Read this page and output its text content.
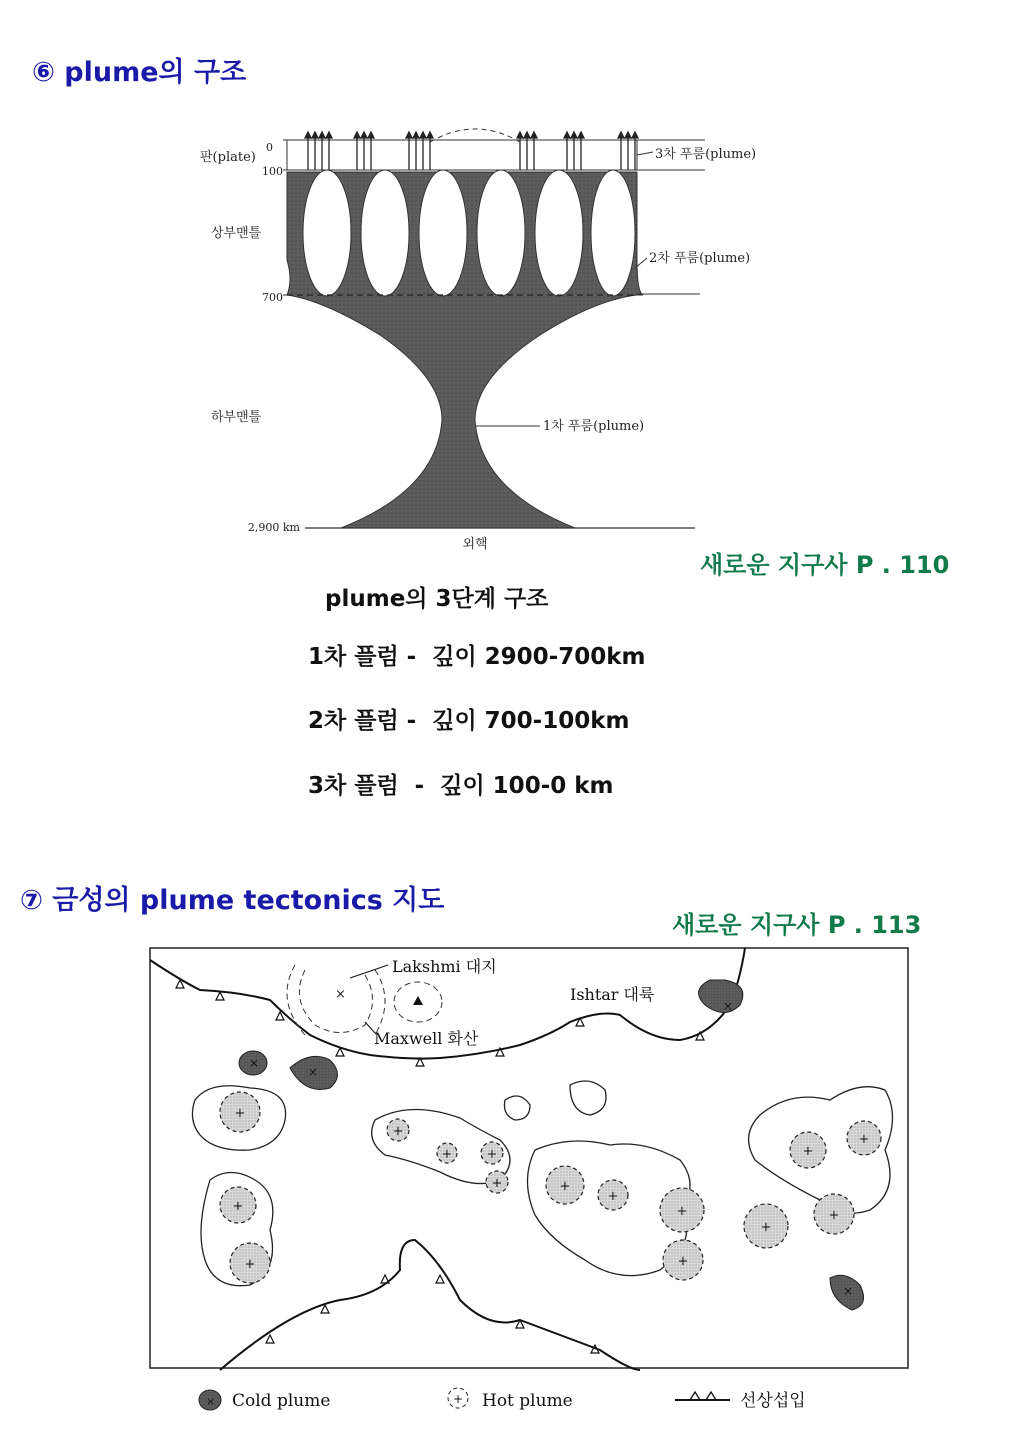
⑥ plume의 구조
판(plate)
0
100
상부맨틀
700
하부맨틀
2,900 km
외핵
3차 푸룸(plume)
2차 푸룸(plume)
1차 푸룸(plume)
새로운 지구사 P . 110
plume의 3단계 구조
1차 플럼 -  깊이 2900-700km
2차 플럼 -  깊이 700-100km
3차 플럼  -  깊이 100-0 km
⑦ 금성의 plume tectonics 지도
새로운 지구사 P . 113
×
×
×
×
×
+
+
+
+
+	+
+	+
+
+
+
+
+
+
+
Lakshmi 대지
Ishtar 대륙
Maxwell 화산
× Cold plume	+ Hot plume	선상섭입
